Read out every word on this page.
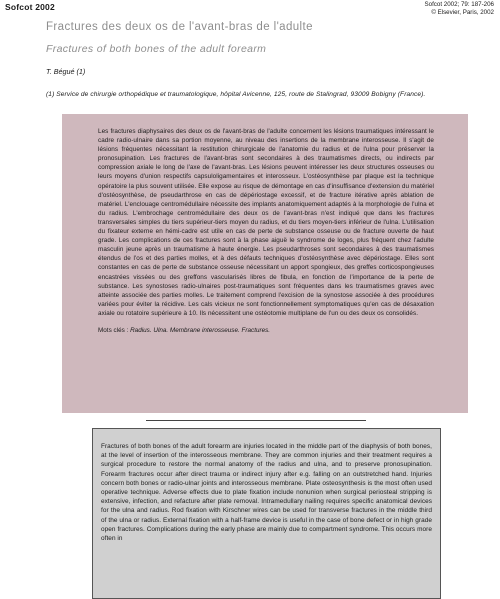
Sofcot 2002	Sofcot 2002; 79: 187-206
© Elsevier, Paris, 2002
Fractures des deux os de l'avant-bras de l'adulte
Fractures of both bones of the adult forearm
T. Bégué (1)
(1) Service de chirurgie orthopédique et traumatologique, hôpital Avicenne, 125, route de Stalingrad, 93009 Bobigny (France).
Les fractures diaphysaires des deux os de l'avant-bras de l'adulte concernent les lésions traumatiques intéressant le cadre radio-ulnaire dans sa portion moyenne, au niveau des insertions de la membrane interosseuse. Il s'agit de lésions fréquentes nécessitant la restitution chirurgicale de l'anatomie du radius et de l'ulna pour préserver la pronosupination. Les fractures de l'avant-bras sont secondaires à des traumatismes directs, ou indirects par compression axiale le long de l'axe de l'avant-bras. Les lésions peuvent intéresser les deux structures osseuses ou leurs moyens d'union respectifs capsuloligamentaires et interosseux. L'ostéosynthèse par plaque est la technique opératoire la plus souvent utilisée. Elle expose au risque de démontage en cas d'insuffisance d'extension du matériel d'ostéosynthèse, de pseudarthrose en cas de dépériostage excessif, et de fracture itérative après ablation de matériel. L'enclouage centromédullaire nécessite des implants anatomiquement adaptés à la morphologie de l'ulna et du radius. L'embrochage centromédullaire des deux os de l'avant-bras n'est indiqué que dans les fractures transversales simples du tiers supérieur-tiers moyen du radius, et du tiers moyen-tiers inférieur de l'ulna. L'utilisation du fixateur externe en hémi-cadre est utile en cas de perte de substance osseuse ou de fracture ouverte de haut grade. Les complications de ces fractures sont à la phase aiguë le syndrome de loges, plus fréquent chez l'adulte masculin jeune après un traumatisme à haute énergie. Les pseudarthroses sont secondaires à des traumatismes étendus de l'os et des parties molles, et à des défauts techniques d'ostéosynthèse avec dépériostage. Elles sont constantes en cas de perte de substance osseuse nécessitant un apport spongieux, des greffes corticospongieuses encastrées vissées ou des greffons vascularisés libres de fibula, en fonction de l'importance de la perte de substance. Les synostoses radio-ulnaires post-traumatiques sont fréquentes dans les traumatismes graves avec atteinte associée des parties molles. Le traitement comprend l'excision de la synostose associée à des procédures variées pour éviter la récidive. Les cals vicieux ne sont fonctionnellement symptomatiques qu'en cas de désaxation axiale ou rotatoire supérieure à 10. Ils nécessitent une ostéotomie multiplane de l'un ou des deux os consolidés.
Mots clés : Radius. Ulna. Membrane interosseuse. Fractures.
Fractures of both bones of the adult forearm are injuries located in the middle part of the diaphysis of both bones, at the level of insertion of the interosseous membrane. They are common injuries and their treatment requires a surgical procedure to restore the normal anatomy of the radius and ulna, and to preserve pronosupination. Forearm fractures occur after direct trauma or indirect injury after e.g. falling on an outstretched hand. Injuries concern both bones or radio-ulnar joints and interosseous membrane. Plate osteosynthesis is the most often used operative technique. Adverse effects due to plate fixation include nonunion when surgical periosteal stripping is extensive, infection, and refacture after plate removal. Intramedullary nailing requires specific anatomical devices for the ulna and radius. Rod fixation with Kirschner wires can be used for transverse fractures in the middle third of the ulna or radius. External fixation with a half-frame device is useful in the case of bone defect or in high grade open fractures. Complications during the early phase are mainly due to compartment syndrome. This occurs more often in
